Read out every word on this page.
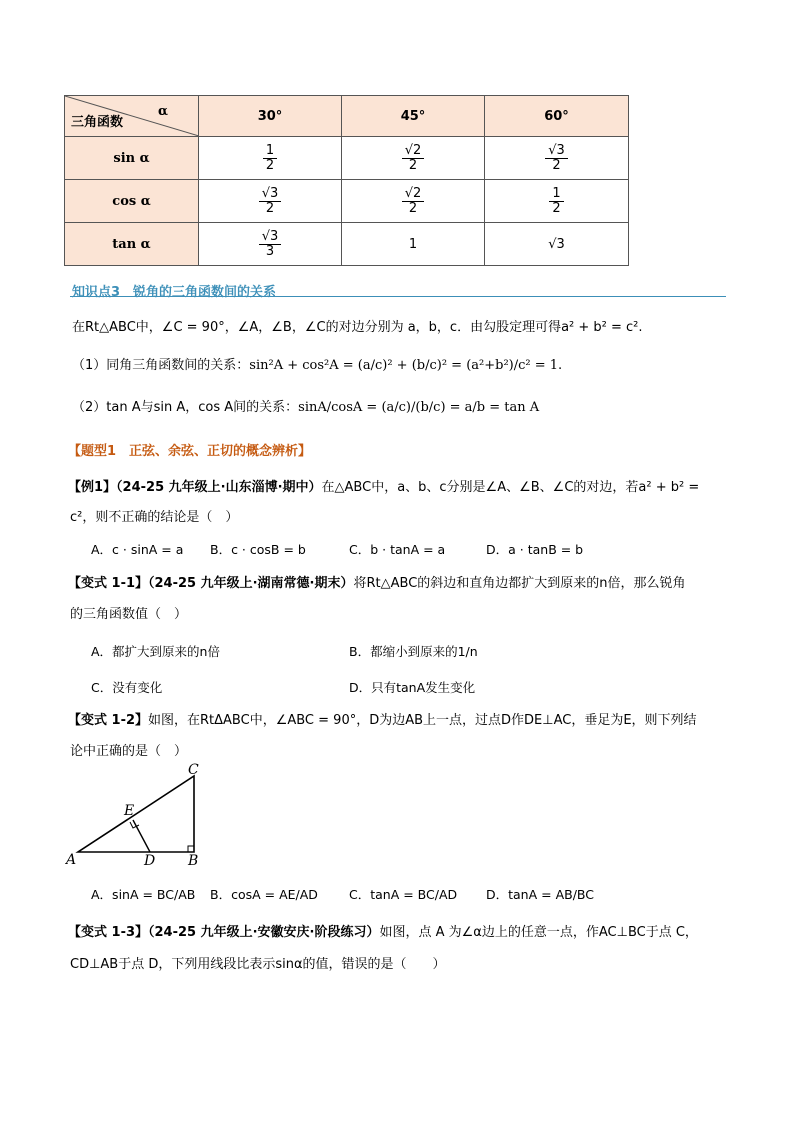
α
三角函数	30°	45°	60°
sin α	$\frac{1}{2}$	$\frac{√2}{2}$	$\frac{√3}{2}$

cos α	$\frac{√3}{2}$	$\frac{√2}{2}$	$\frac{1}{2}$

tan α	$\frac{√3}{3}$	1	√3
知识点3　锐角的三角函数间的关系
在Rt△ABC中，∠C = 90°，∠A，∠B，∠C的对边分别为 a，b，c．由勾股定理可得a² + b² = c².
（1）同角三角函数间的关系：sin²A + cos²A = (a/c)² + (b/c)² = (a²+b²)/c² = 1.
（2）tan A与sin A，cos A间的关系：sinA/cosA = (a/c)/(b/c) = a/b = tan A
【题型1　正弦、余弦、正切的概念辨析】
【例1】（24-25 九年级上·山东淄博·期中）在△ABC中，a、b、c分别是∠A、∠B、∠C的对边，若a² + b² =
c²，则不正确的结论是（　）
A．c · sinA = a B．c · cosB = b	C．b · tanA = a	D．a · tanB = b
【变式 1-1】（24-25 九年级上·湖南常德·期末）将Rt△ABC的斜边和直角边都扩大到原来的n倍，那么锐角
的三角函数值（　）
A．都扩大到原来的n倍	B．都缩小到原来的1/n
C．没有变化	D．只有tanA发生变化
【变式 1-2】如图，在RtΔABC中，∠ABC = 90°，D为边AB上一点，过点D作DE⊥AC，垂足为E，则下列结
论中正确的是（　）
A	B
C
D
E
A．sinA = BC/AB B．cosA = AE/AD C．tanA = BC/AD D．tanA = AB/BC
【变式 1-3】（24-25 九年级上·安徽安庆·阶段练习）如图，点 A 为∠α边上的任意一点，作AC⊥BC于点 C，
CD⊥AB于点 D，下列用线段比表示sinα的值，错误的是（　　）
